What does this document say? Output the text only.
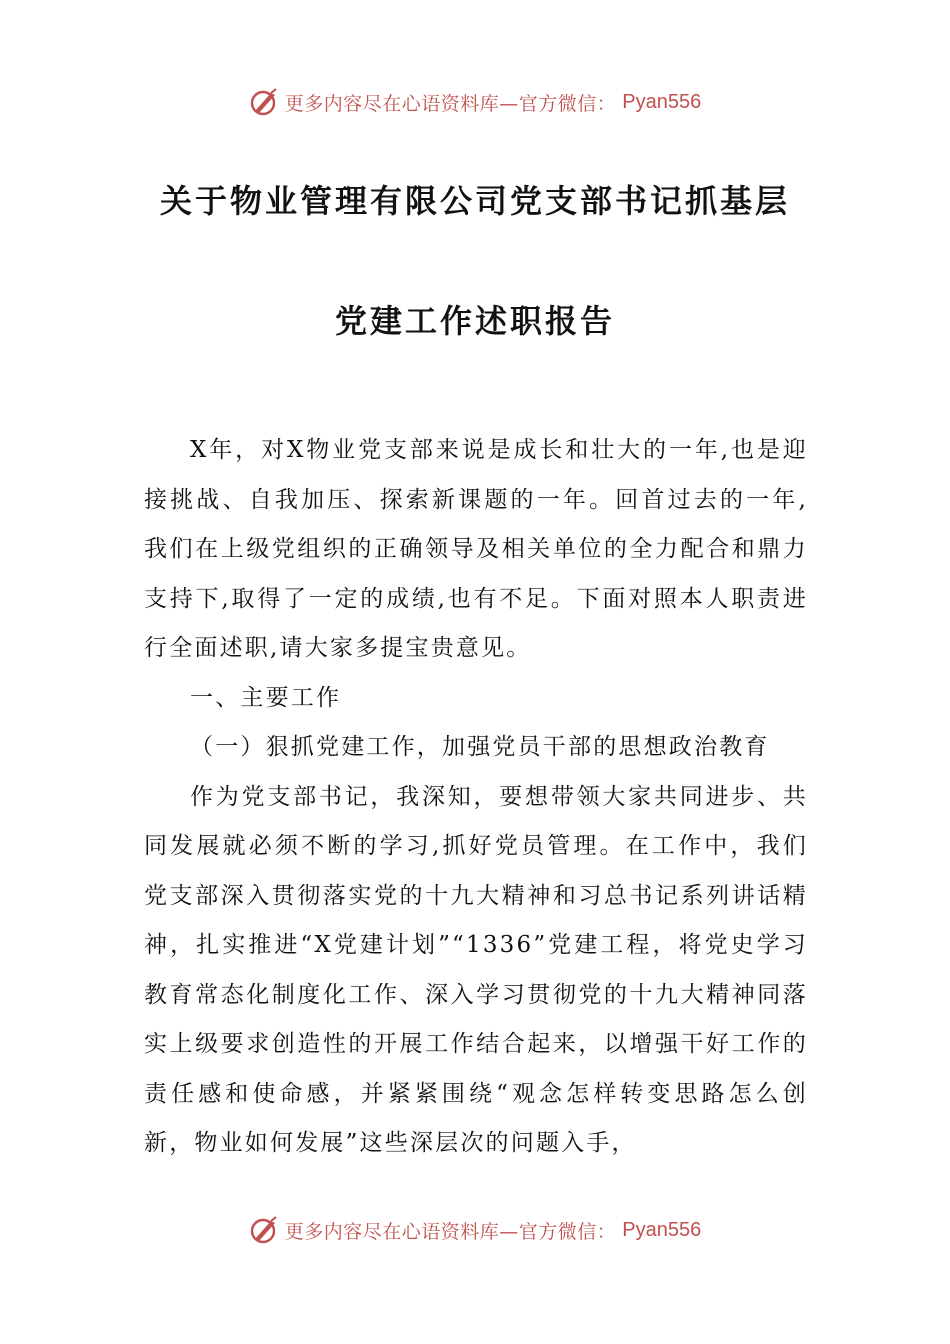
更多内容尽在心语资料库—官方微信： Pyan556
关于物业管理有限公司党支部书记抓基层
党建工作述职报告

X年，对X物业党支部来说是成长和壮大的一年,也是迎接挑战、自我加压、探索新课题的一年。回首过去的一年,我们在上级党组织的正确领导及相关单位的全力配合和鼎力支持下,取得了一定的成绩,也有不足。下面对照本人职责进行全面述职,请大家多提宝贵意见。

一、主要工作

（一）狠抓党建工作，加强党员干部的思想政治教育

作为党支部书记，我深知，要想带领大家共同进步、共同发展就必须不断的学习,抓好党员管理。在工作中，我们党支部深入贯彻落实党的十九大精神和习总书记系列讲话精神，扎实推进“X党建计划”“1336”党建工程，将党史学习教育常态化制度化工作、深入学习贯彻党的十九大精神同落实上级要求创造性的开展工作结合起来，以增强干好工作的责任感和使命感，并紧紧围绕“观念怎样转变思路怎么创新，物业如何发展”这些深层次的问题入手，

更多内容尽在心语资料库—官方微信： Pyan556
